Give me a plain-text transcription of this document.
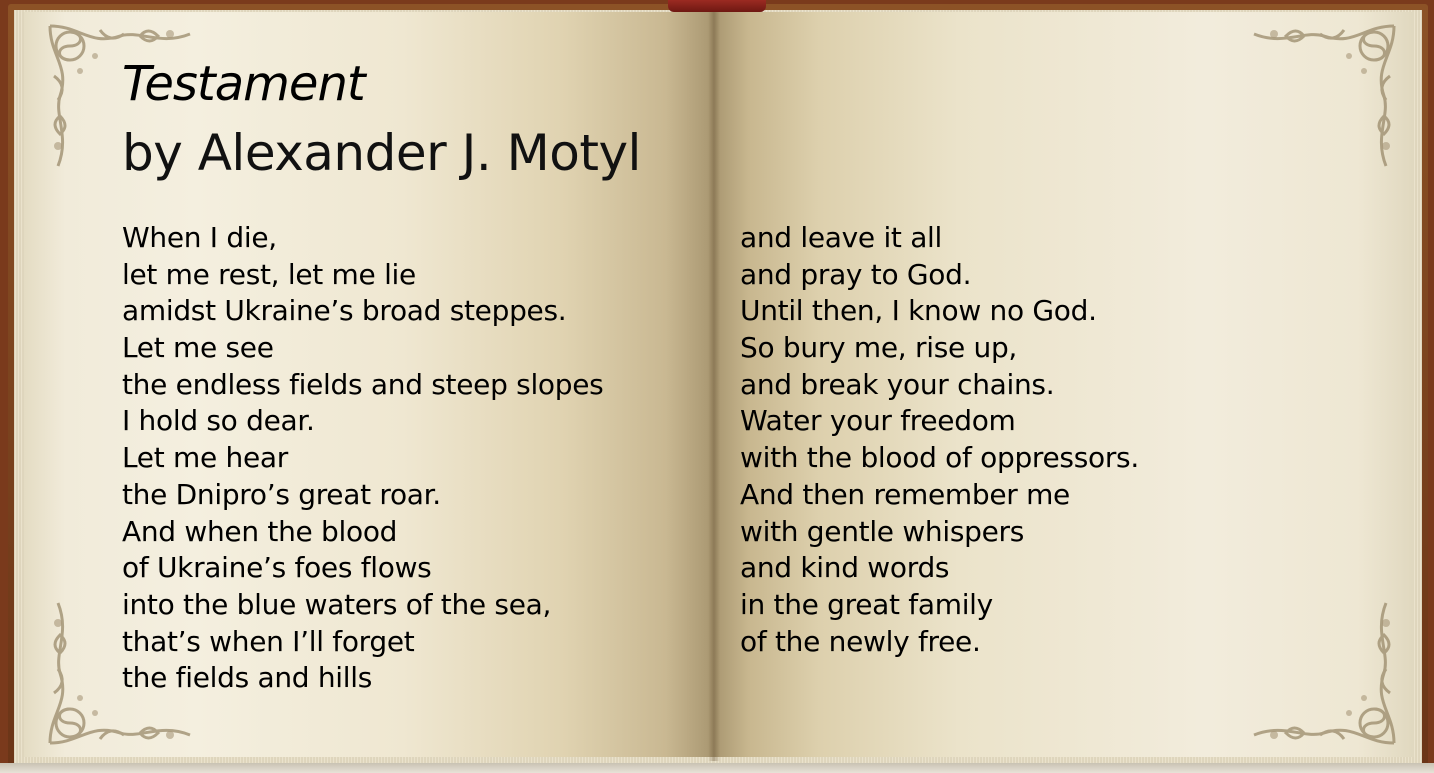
Testament
by Alexander J. Motyl
When I die,
let me rest, let me lie
amidst Ukraine’s broad steppes.
Let me see
the endless fields and steep slopes
I hold so dear.
Let me hear
the Dnipro’s great roar.
And when the blood
of Ukraine’s foes flows
into the blue waters of the sea,
that’s when I’ll forget
the fields and hills
and leave it all
and pray to God.
Until then, I know no God.
So bury me, rise up,
and break your chains.
Water your freedom
with the blood of oppressors.
And then remember me
with gentle whispers
and kind words
in the great family
of the newly free.
